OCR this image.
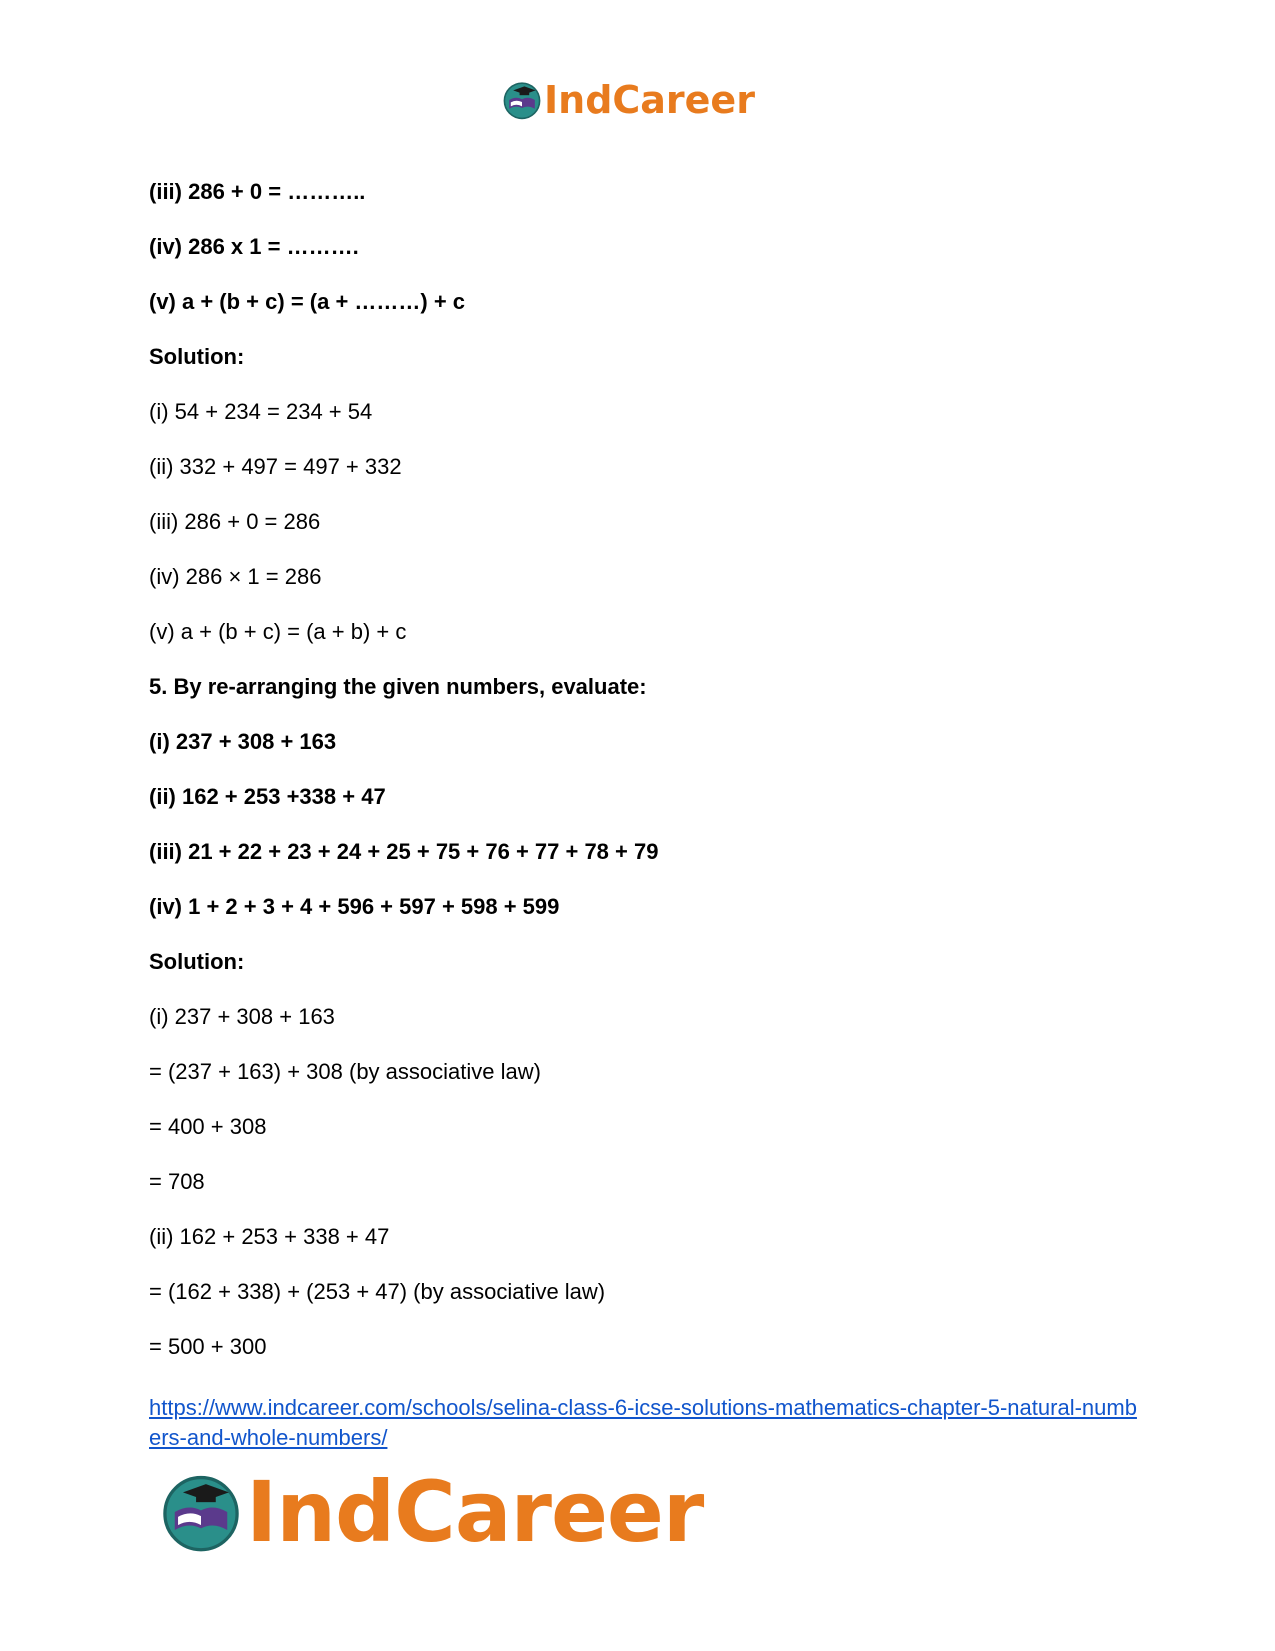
IndCareer
(iii) 286 + 0 = ………..
(iv) 286 x 1 = ……….
(v) a + (b + c) = (a + ………) + c
Solution:
(i) 54 + 234 = 234 + 54
(ii) 332 + 497 = 497 + 332
(iii) 286 + 0 = 286
(iv) 286 × 1 = 286
(v) a + (b + c) = (a + b) + c
5. By re-arranging the given numbers, evaluate:
(i) 237 + 308 + 163
(ii) 162 + 253 +338 + 47
(iii) 21 + 22 + 23 + 24 + 25 + 75 + 76 + 77 + 78 + 79
(iv) 1 + 2 + 3 + 4 + 596 + 597 + 598 + 599
Solution:
(i) 237 + 308 + 163
= (237 + 163) + 308 (by associative law)
= 400 + 308
= 708
(ii) 162 + 253 + 338 + 47
= (162 + 338) + (253 + 47) (by associative law)
= 500 + 300
https://www.indcareer.com/schools/selina-class-6-icse-solutions-mathematics-chapter-5-natural-numbers-and-whole-numbers/
IndCareer
